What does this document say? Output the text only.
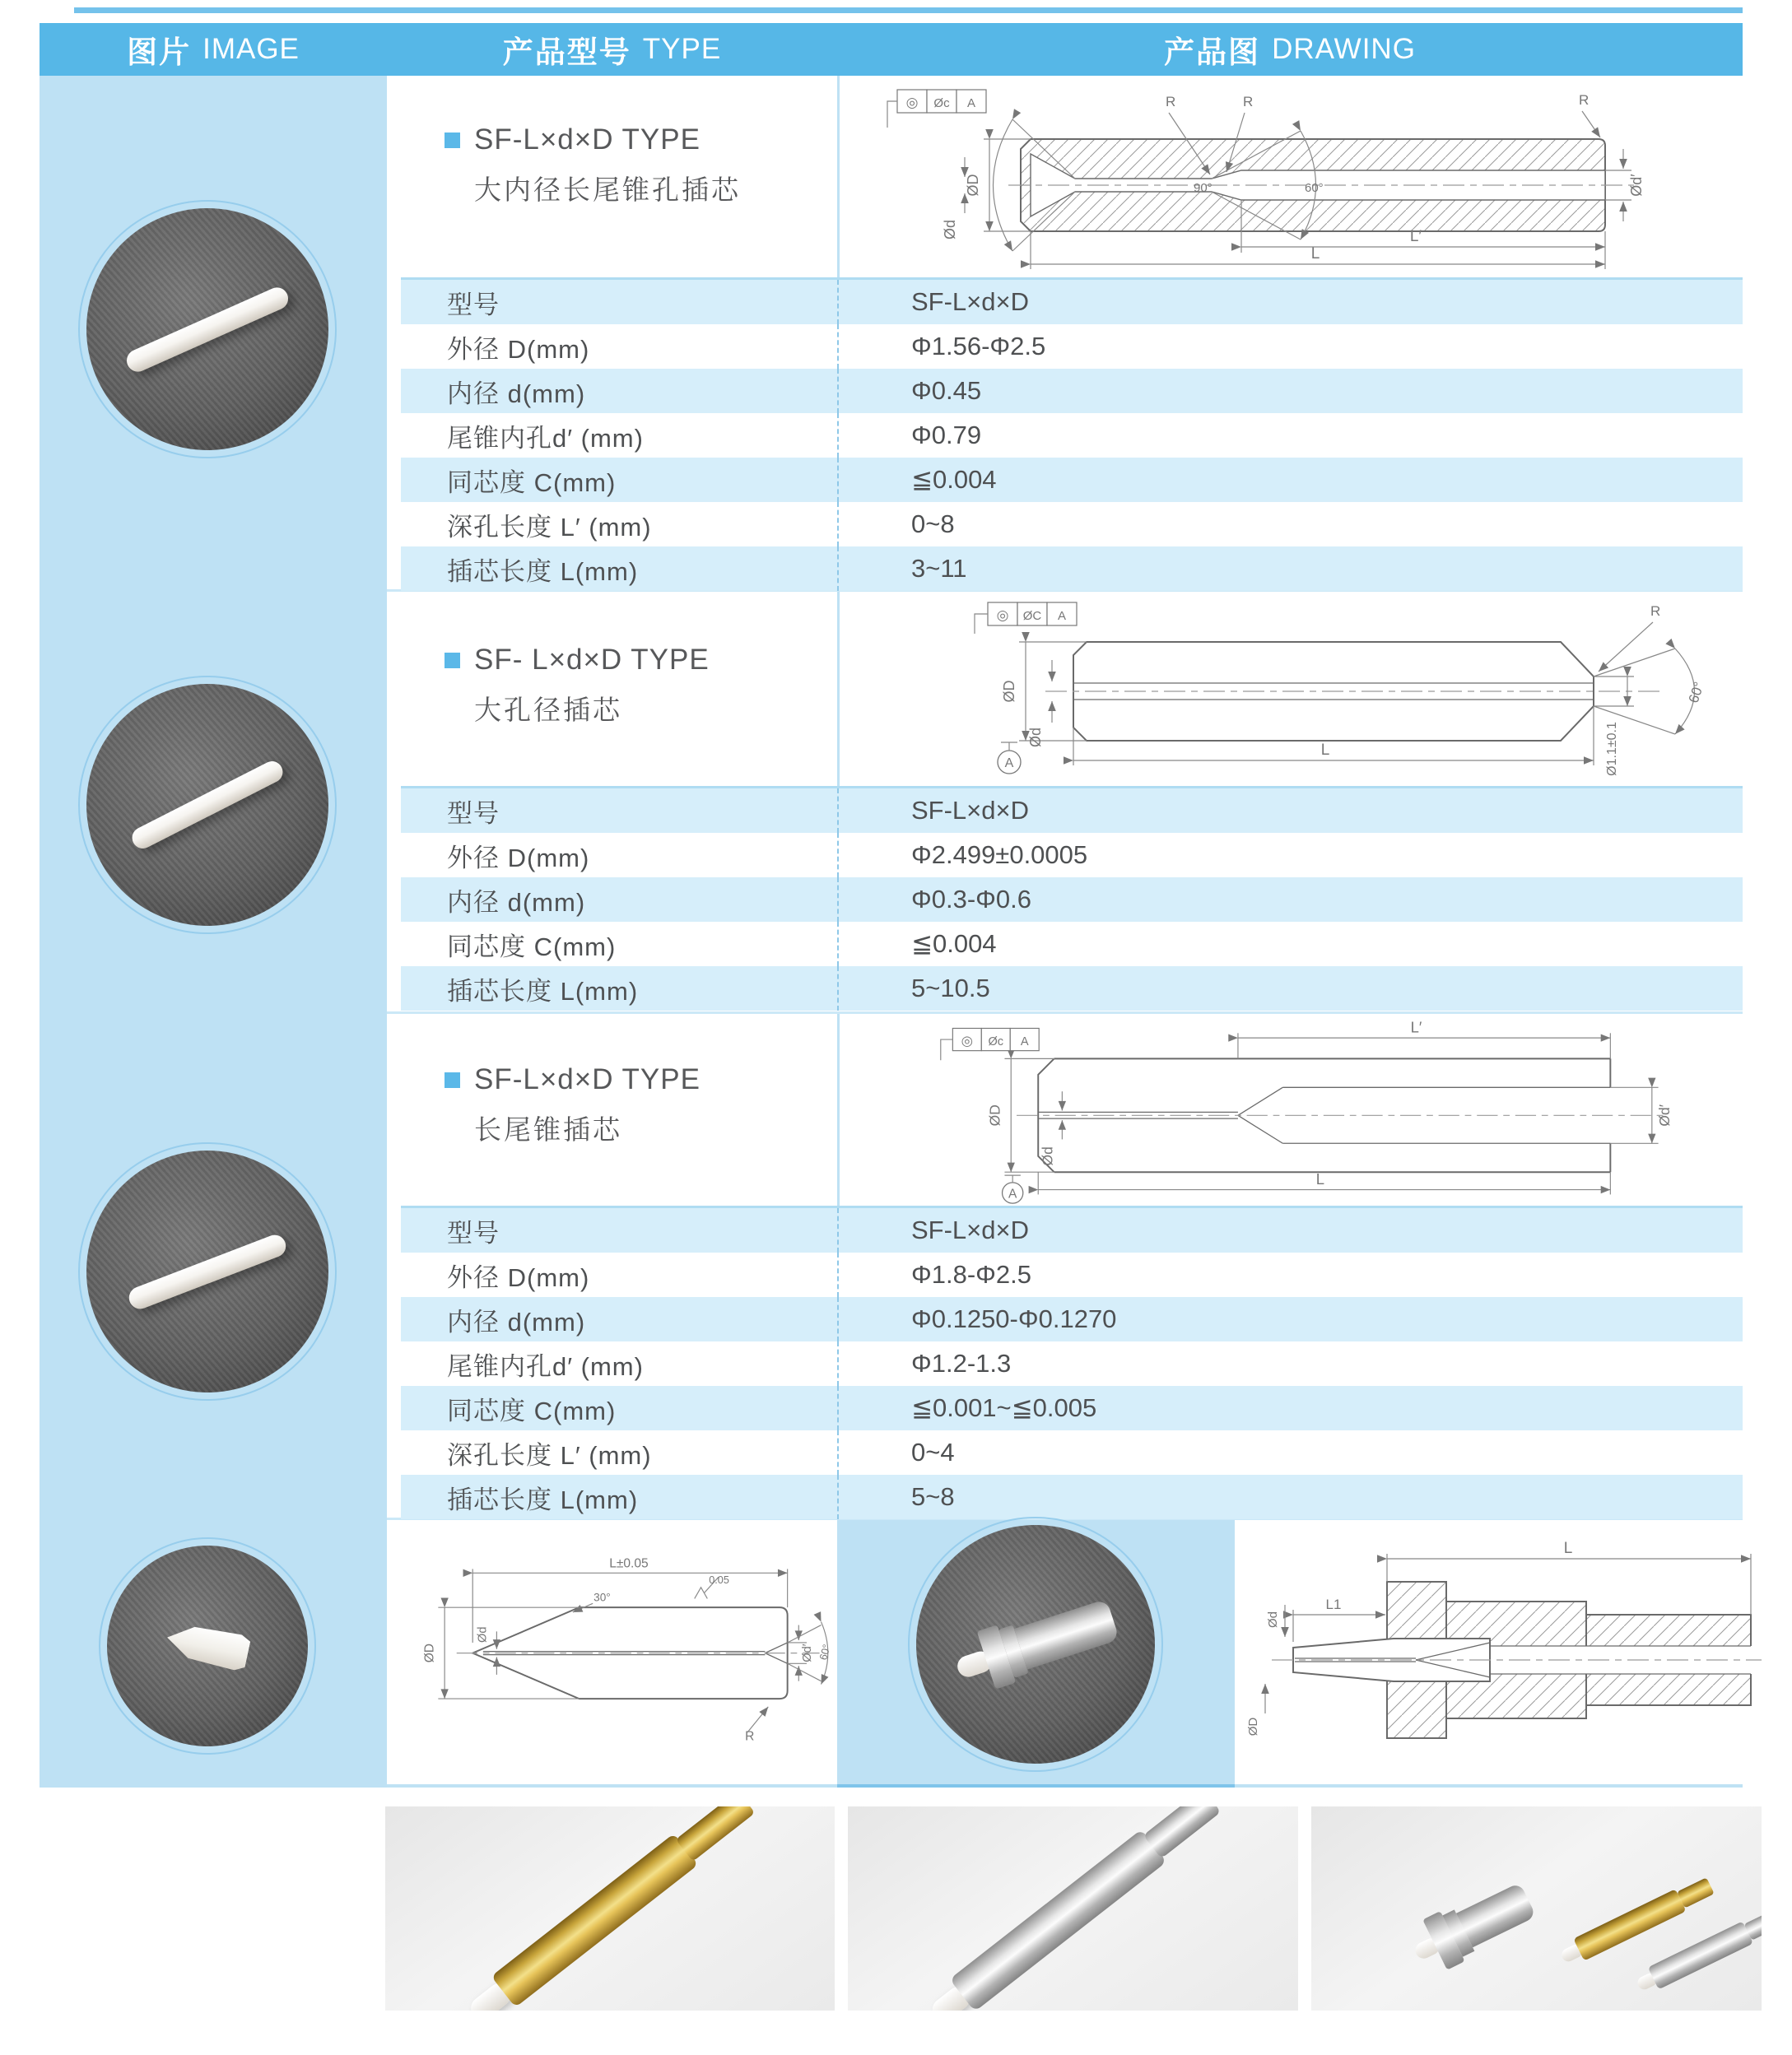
图片 IMAGE	产品型号 TYPE	产品图 DRAWING
SF-L×d×D TYPE
大内径长尾锥孔插芯
SF- L×d×D TYPE
大孔径插芯
SF-L×d×D TYPE
长尾锥插芯
型号	SF-L×d×D
外径 D(mm)	Φ1.56-Φ2.5
内径 d(mm)	Φ0.45
尾锥内孔d′ (mm)	Φ0.79
同芯度 C(mm)	≦0.004
深孔长度 L′ (mm)	0~8
插芯长度 L(mm)	3~11
型号	SF-L×d×D
外径 D(mm)	Φ2.499±0.0005
内径 d(mm)	Φ0.3-Φ0.6
同芯度 C(mm)	≦0.004
插芯长度 L(mm)	5~10.5
型号	SF-L×d×D
外径 D(mm)	Φ1.8-Φ2.5
内径 d(mm)	Φ0.1250-Φ0.1270
尾锥内孔d′ (mm)	Φ1.2-1.3
同芯度 C(mm)	≦0.001~≦0.005
深孔长度 L′ (mm)	0~4
插芯长度 L(mm)	5~8
90°	60°
R	R	R
ØD
Ød
Ød′
L′
L
◎ Øc A
60°
R
Ø1.1±0.1
ØD
Ød
A
L
◎ ØC A
L′
ØD
Ød
Ød′
L
A
◎ Øc A
L±0.05
30°
0.05
ØD
Ød
Ød′ 60°
R
L
L1
Ød
ØD
